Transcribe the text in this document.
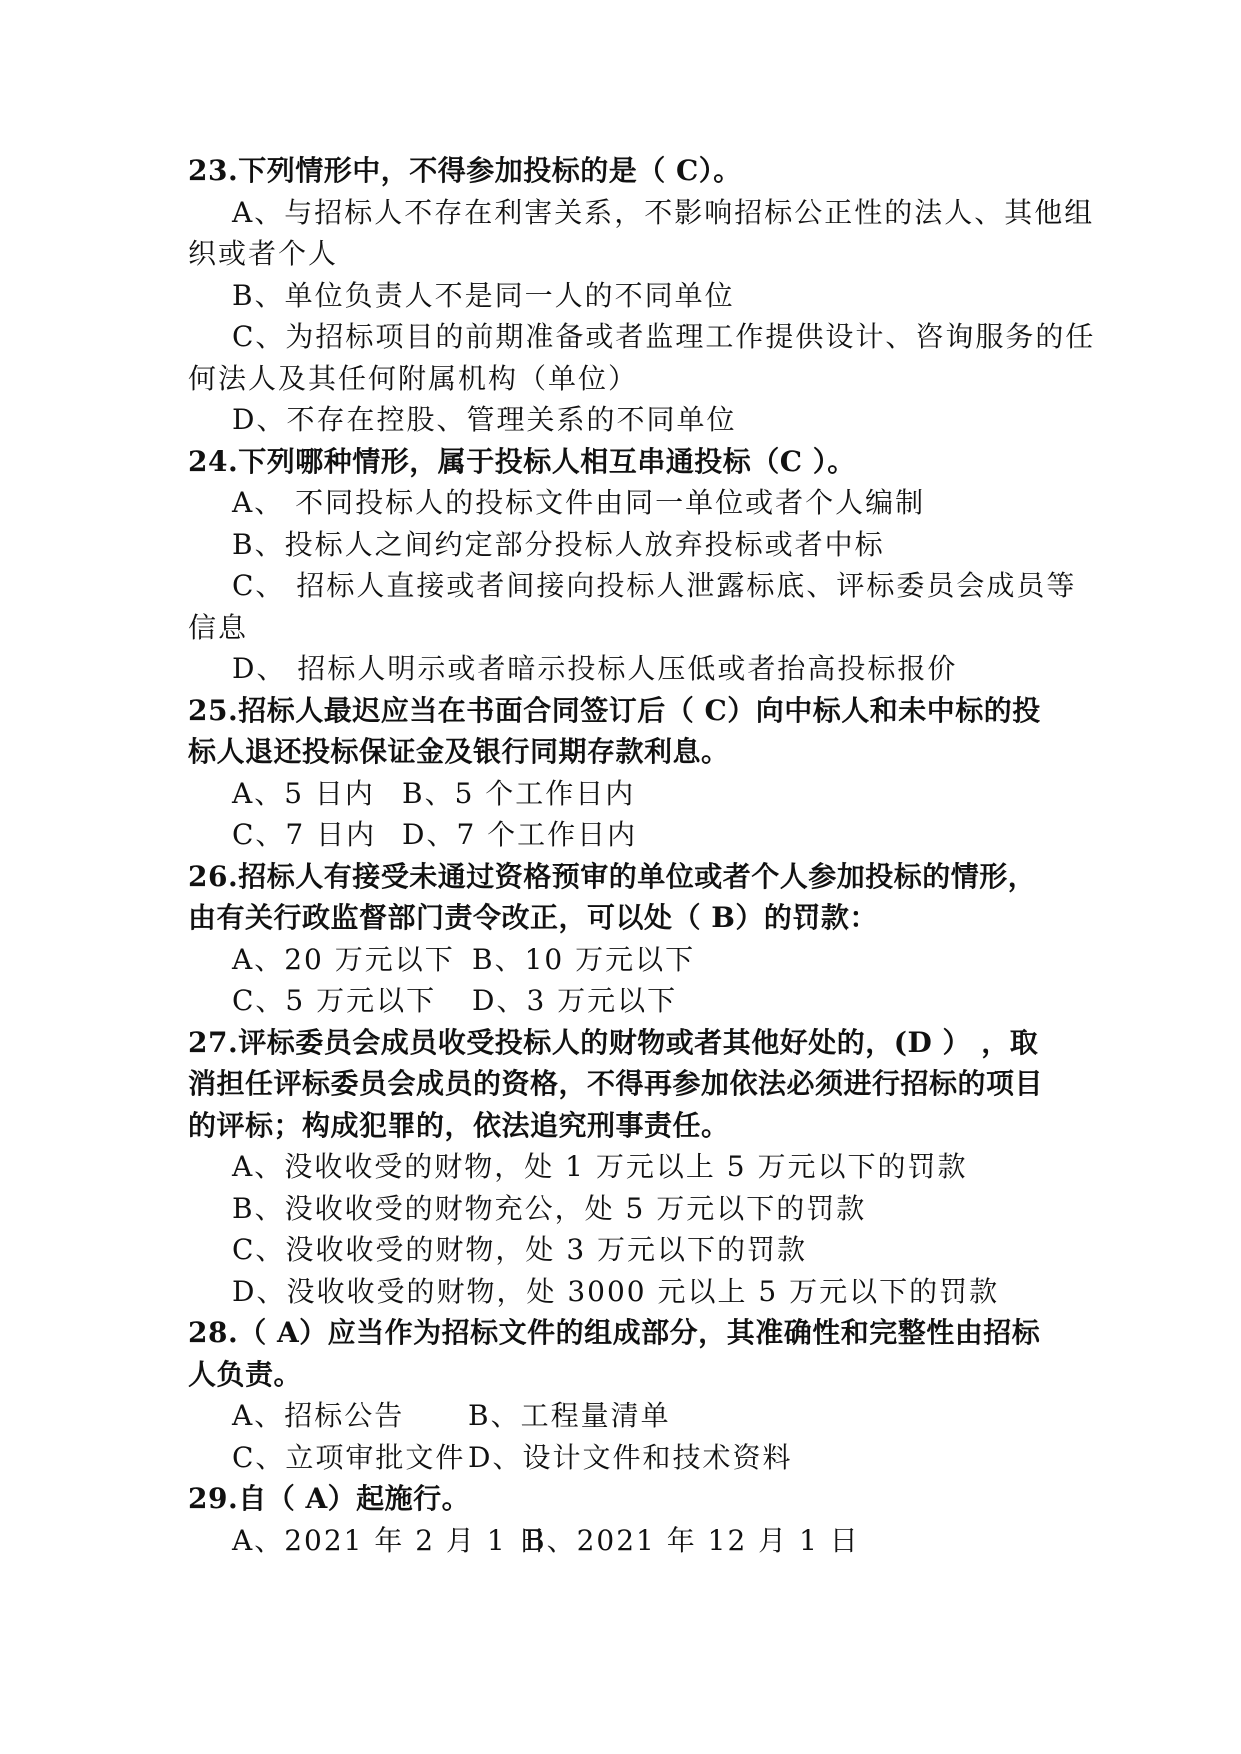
23.下列情形中，不得参加投标的是（ C）。
A、与招标人不存在利害关系，不影响招标公正性的法人、其他组
织或者个人
B、单位负责人不是同一人的不同单位
C、为招标项目的前期准备或者监理工作提供设计、咨询服务的任
何法人及其任何附属机构（单位）
D、不存在控股、管理关系的不同单位
24.下列哪种情形，属于投标人相互串通投标（C ）。
A、 不同投标人的投标文件由同一单位或者个人编制
B、投标人之间约定部分投标人放弃投标或者中标
C、 招标人直接或者间接向投标人泄露标底、评标委员会成员等
信息
D、 招标人明示或者暗示投标人压低或者抬高投标报价
25.招标人最迟应当在书面合同签订后（ C）向中标人和未中标的投
标人退还投标保证金及银行同期存款利息。
A、5 日内 B、5 个工作日内
C、7 日内 D、7 个工作日内
26.招标人有接受未通过资格预审的单位或者个人参加投标的情形，
由有关行政监督部门责令改正，可以处（ B）的罚款：
A、20 万元以下 B、10 万元以下
C、5 万元以下	D、3 万元以下
27.评标委员会成员收受投标人的财物或者其他好处的，(D ） ，取
消担任评标委员会成员的资格，不得再参加依法必须进行招标的项目
的评标；构成犯罪的，依法追究刑事责任。
A、没收收受的财物，处 1 万元以上 5 万元以下的罚款
B、没收收受的财物充公，处 5 万元以下的罚款
C、没收收受的财物，处 3 万元以下的罚款
D、没收收受的财物，处 3000 元以上 5 万元以下的罚款
28.（ A）应当作为招标文件的组成部分，其准确性和完整性由招标
人负责。
A、招标公告	B、工程量清单
C、立项审批文件 D、设计文件和技术资料
29.自（ A）起施行。
A、2021 年 2 月 1 日
B、2021 年 12 月 1 日
